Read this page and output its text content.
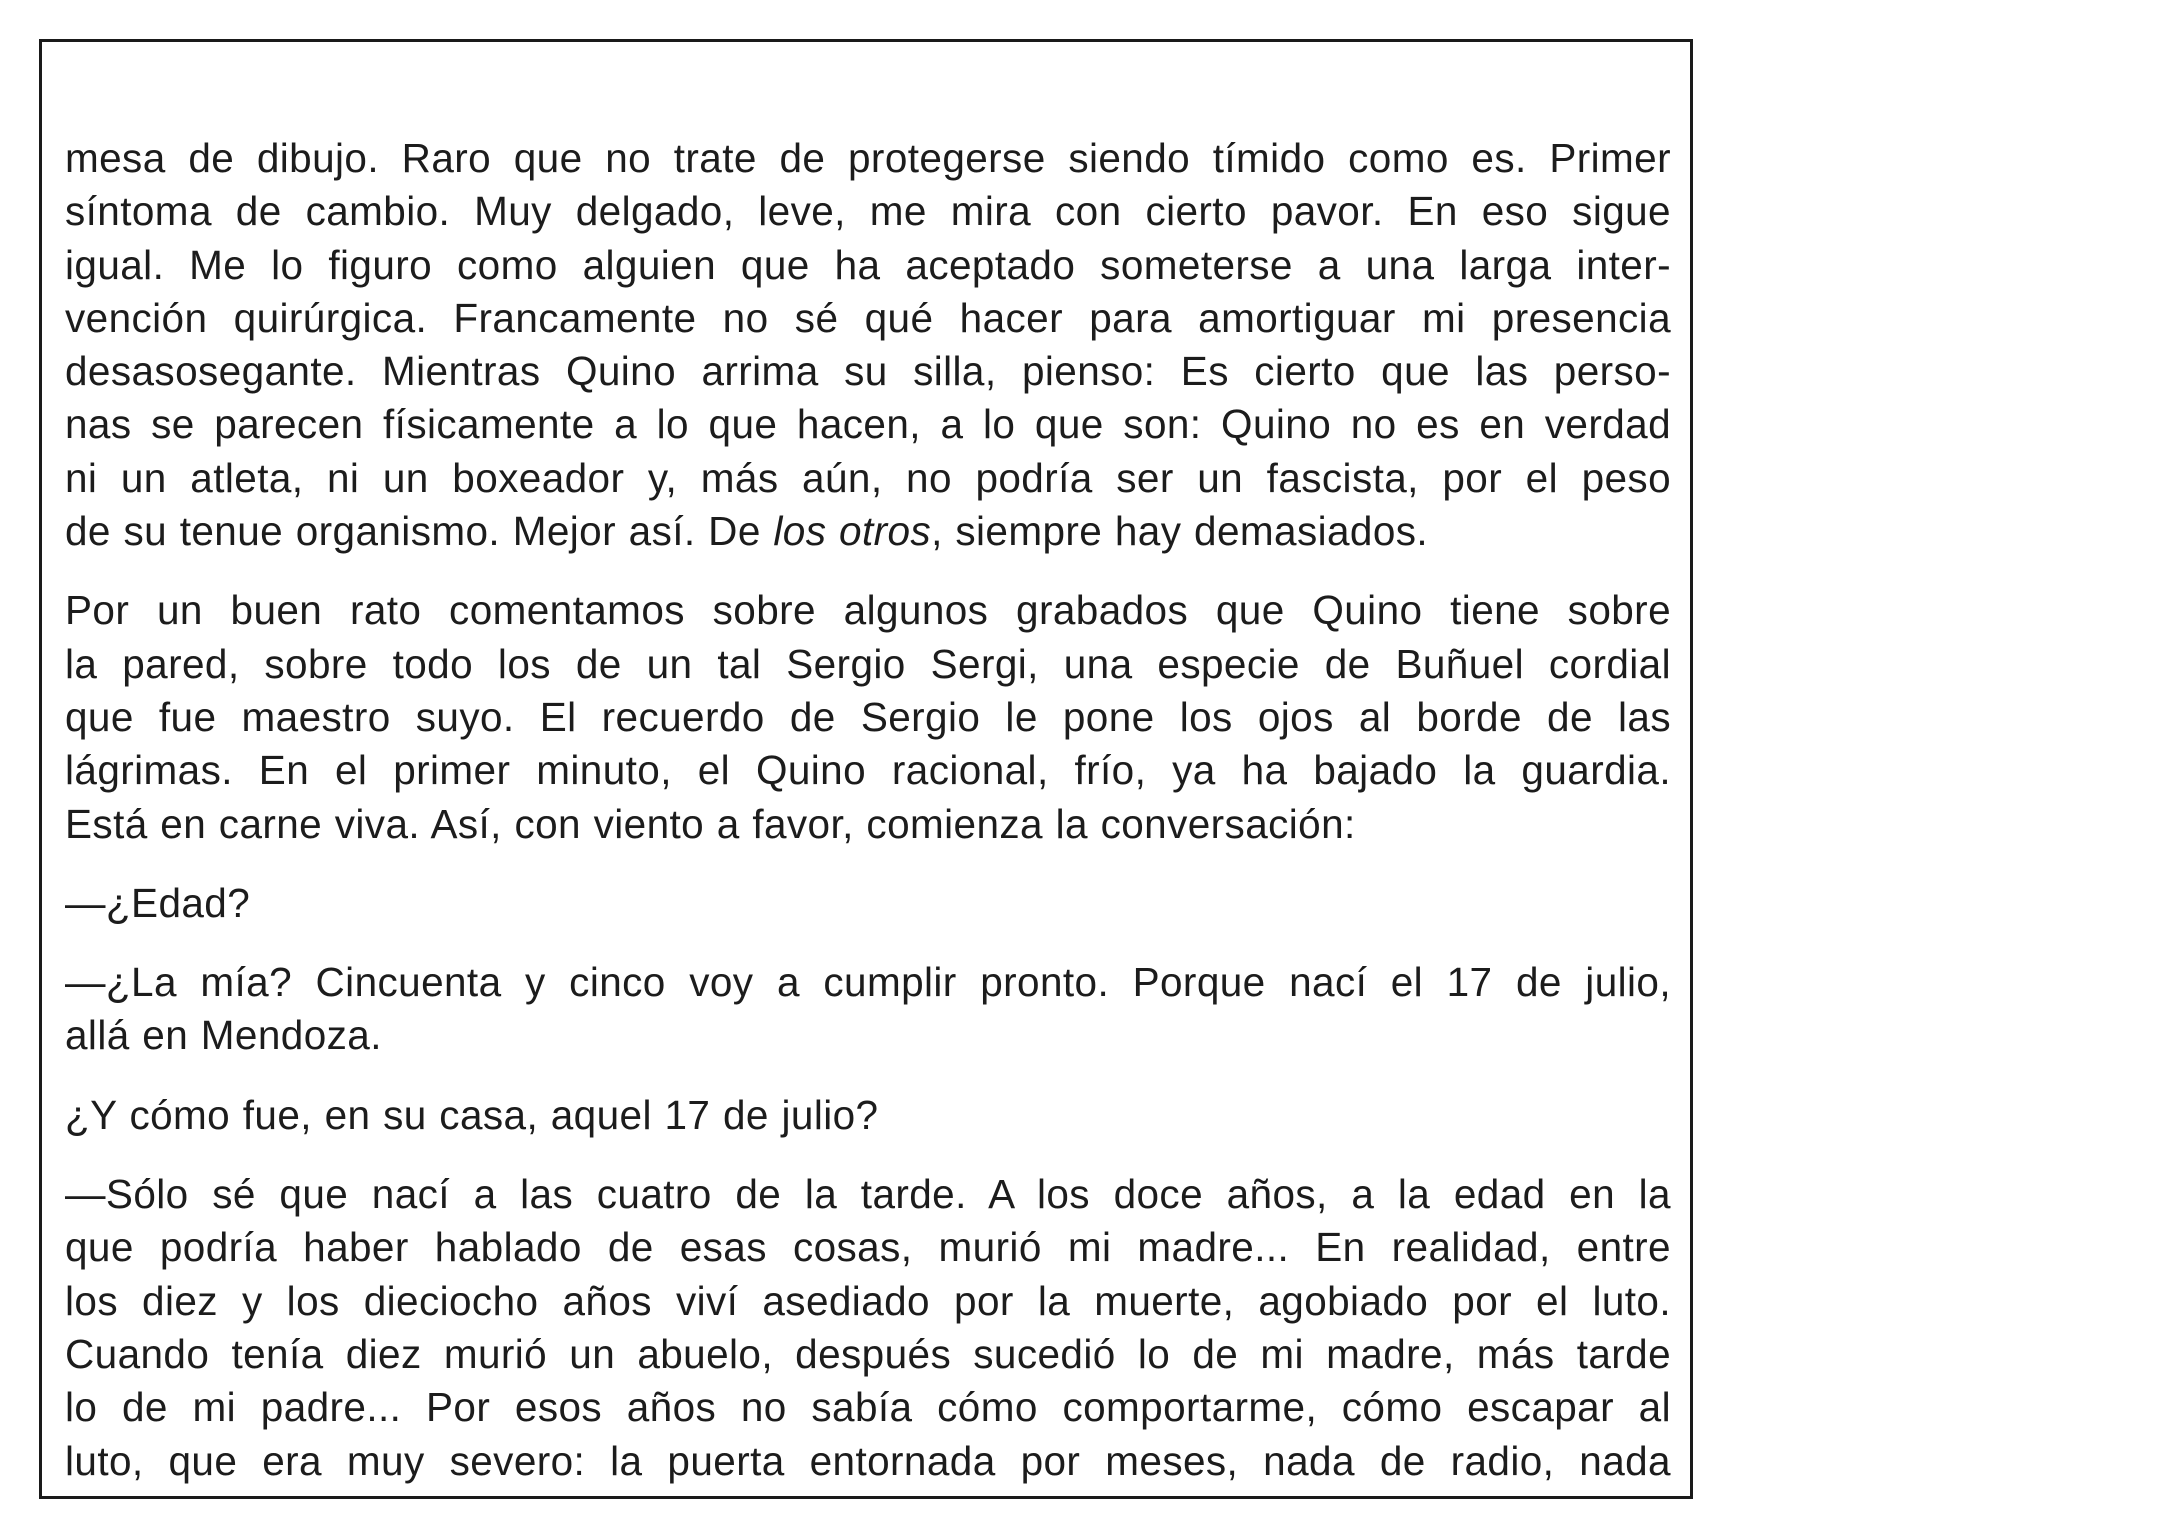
mesa de dibujo. Raro que no trate de protegerse siendo tímido como es. Primer
síntoma de cambio. Muy delgado, leve, me mira con cierto pavor. En eso sigue
igual. Me lo figuro como alguien que ha aceptado someterse a una larga inter-
vención quirúrgica. Francamente no sé qué hacer para amortiguar mi presencia
desasosegante. Mientras Quino arrima su silla, pienso: Es cierto que las perso-
nas se parecen físicamente a lo que hacen, a lo que son: Quino no es en verdad
ni un atleta, ni un boxeador y, más aún, no podría ser un fascista, por el peso
de su tenue organismo. Mejor así. De los otros, siempre hay demasiados.
Por un buen rato comentamos sobre algunos grabados que Quino tiene sobre
la pared, sobre todo los de un tal Sergio Sergi, una especie de Buñuel cordial
que fue maestro suyo. El recuerdo de Sergio le pone los ojos al borde de las
lágrimas. En el primer minuto, el Quino racional, frío, ya ha bajado la guardia.
Está en carne viva. Así, con viento a favor, comienza la conversación:
—¿Edad?
—¿La mía? Cincuenta y cinco voy a cumplir pronto. Porque nací el 17 de julio,
allá en Mendoza.
¿Y cómo fue, en su casa, aquel 17 de julio?
—Sólo sé que nací a las cuatro de la tarde. A los doce años, a la edad en la
que podría haber hablado de esas cosas, murió mi madre... En realidad, entre
los diez y los dieciocho años viví asediado por la muerte, agobiado por el luto.
Cuando tenía diez murió un abuelo, después sucedió lo de mi madre, más tarde
lo de mi padre... Por esos años no sabía cómo comportarme, cómo escapar al
luto, que era muy severo: la puerta entornada por meses, nada de radio, nada
